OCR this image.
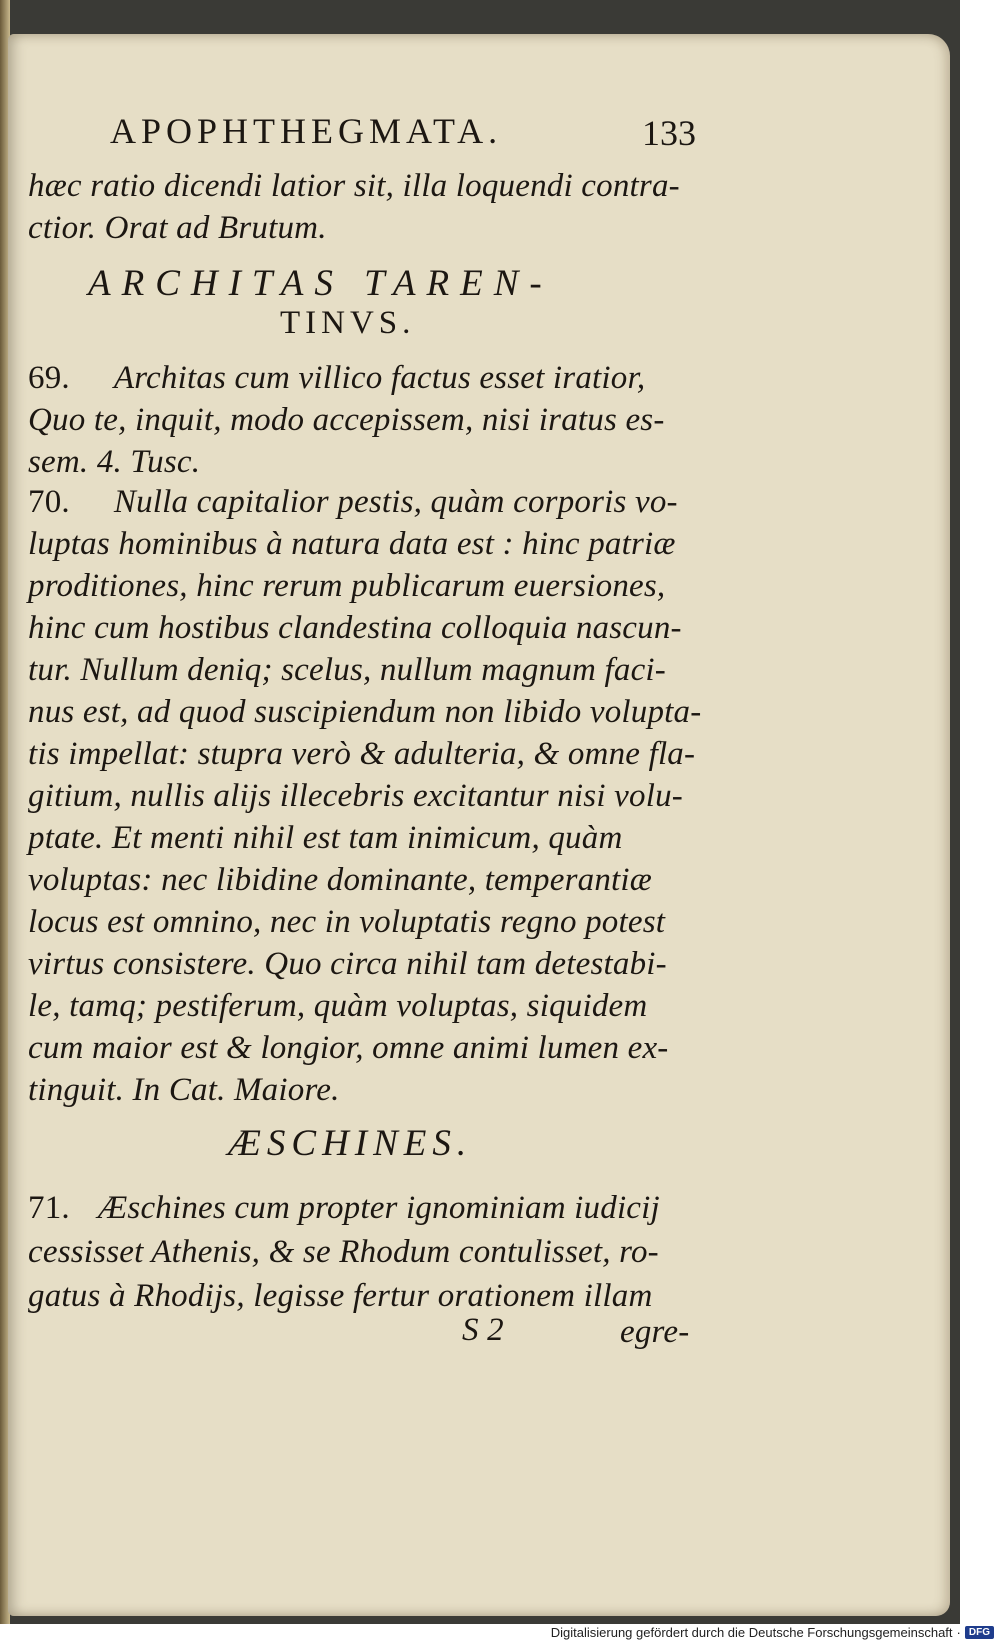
APOPHTHEGMATA.	133
hæc ratio dicendi latior sit, illa loquendi contra-
ctior. Orat ad Brutum.
ARCHITAS TAREN-
TINVS.
69. Architas cum villico factus esset iratior,
Quo te, inquit, modo accepissem, nisi iratus es-
sem. 4. Tusc.
70. Nulla capitalior pestis, quàm corporis vo-
luptas hominibus à natura data est : hinc patriæ
proditiones, hinc rerum publicarum euersiones,
hinc cum hostibus clandestina colloquia nascun-
tur. Nullum deniq; scelus, nullum magnum faci-
nus est, ad quod suscipiendum non libido volupta-
tis impellat: stupra verò & adulteria, & omne fla-
gitium, nullis alijs illecebris excitantur nisi volu-
ptate. Et menti nihil est tam inimicum, quàm
voluptas: nec libidine dominante, temperantiæ
locus est omnino, nec in voluptatis regno potest
virtus consistere. Quo circa nihil tam detestabi-
le, tamq; pestiferum, quàm voluptas, siquidem
cum maior est & longior, omne animi lumen ex-
tinguit. In Cat. Maiore.
ÆSCHINES.
71. Æschines cum propter ignominiam iudicij
cessisset Athenis, & se Rhodum contulisset, ro-
gatus à Rhodijs, legisse fertur orationem illam
S 2	egre-
Digitalisierung gefördert durch die Deutsche Forschungsgemeinschaft · DFG
